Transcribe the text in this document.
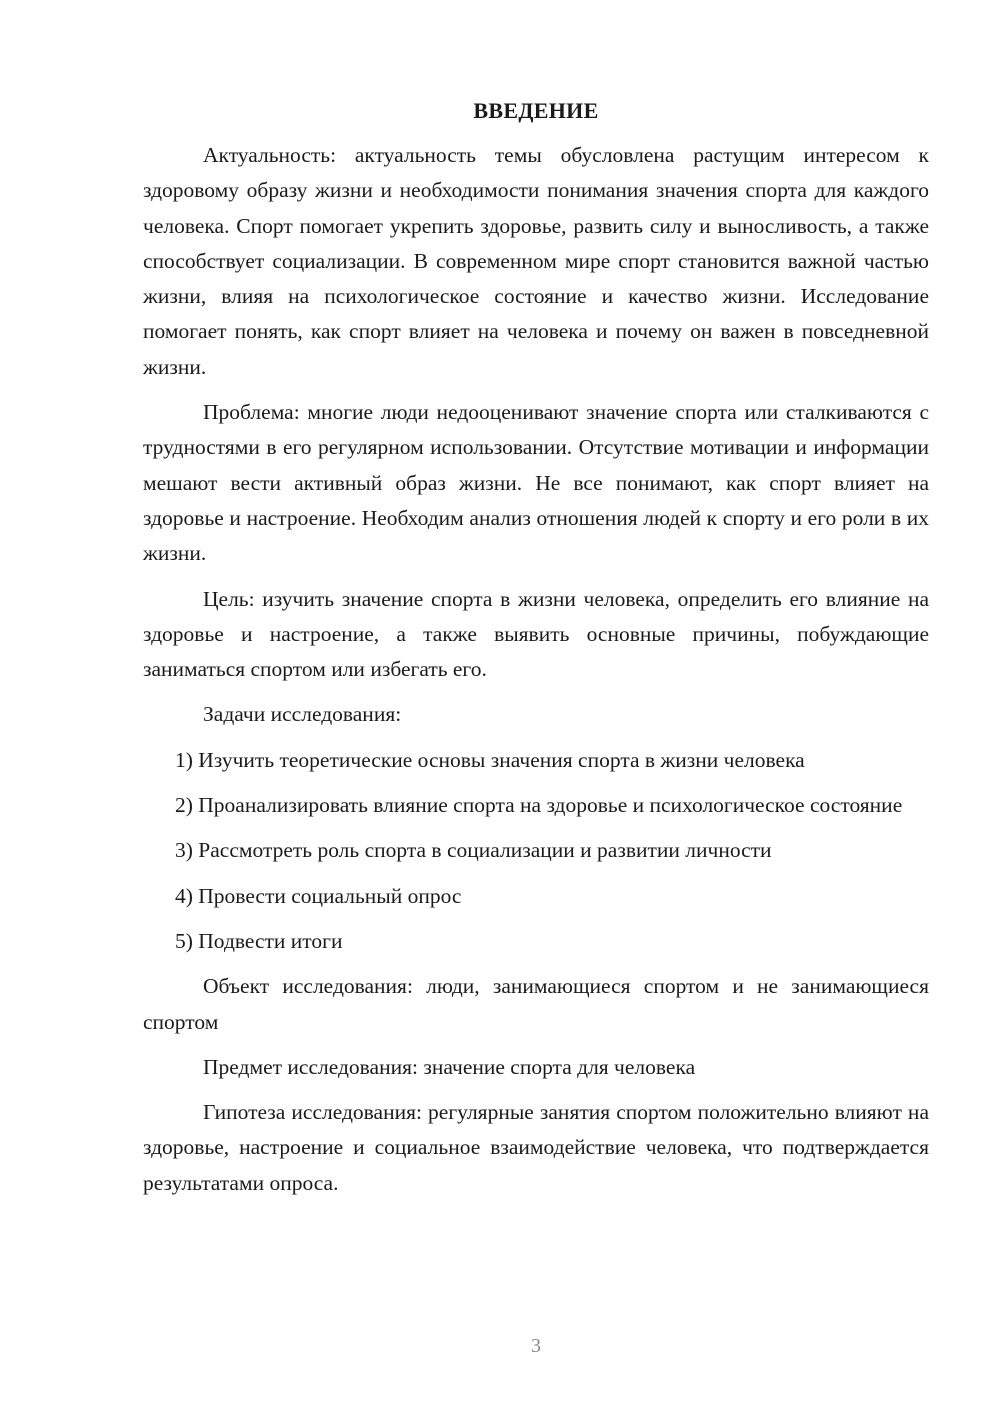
ВВЕДЕНИЕ

Актуальность: актуальность темы обусловлена растущим интересом к здоровому образу жизни и необходимости понимания значения спорта для каждого человека. Спорт помогает укрепить здоровье, развить силу и выносливость, а также способствует социализации. В современном мире спорт становится важной частью жизни, влияя на психологическое состояние и качество жизни. Исследование помогает понять, как спорт влияет на человека и почему он важен в повседневной жизни.

Проблема: многие люди недооценивают значение спорта или сталкиваются с трудностями в его регулярном использовании. Отсутствие мотивации и информации мешают вести активный образ жизни. Не все понимают, как спорт влияет на здоровье и настроение. Необходим анализ отношения людей к спорту и его роли в их жизни.

Цель: изучить значение спорта в жизни человека, определить его влияние на здоровье и настроение, а также выявить основные причины, побуждающие заниматься спортом или избегать его.

Задачи исследования:

1) Изучить теоретические основы значения спорта в жизни человека

2) Проанализировать влияние спорта на здоровье и психологическое состояние

3) Рассмотреть роль спорта в социализации и развитии личности

4) Провести социальный опрос

5) Подвести итоги

Объект исследования: люди, занимающиеся спортом и не занимающиеся спортом

Предмет исследования: значение спорта для человека

Гипотеза исследования: регулярные занятия спортом положительно влияют на здоровье, настроение и социальное взаимодействие человека, что подтверждается результатами опроса.

3
